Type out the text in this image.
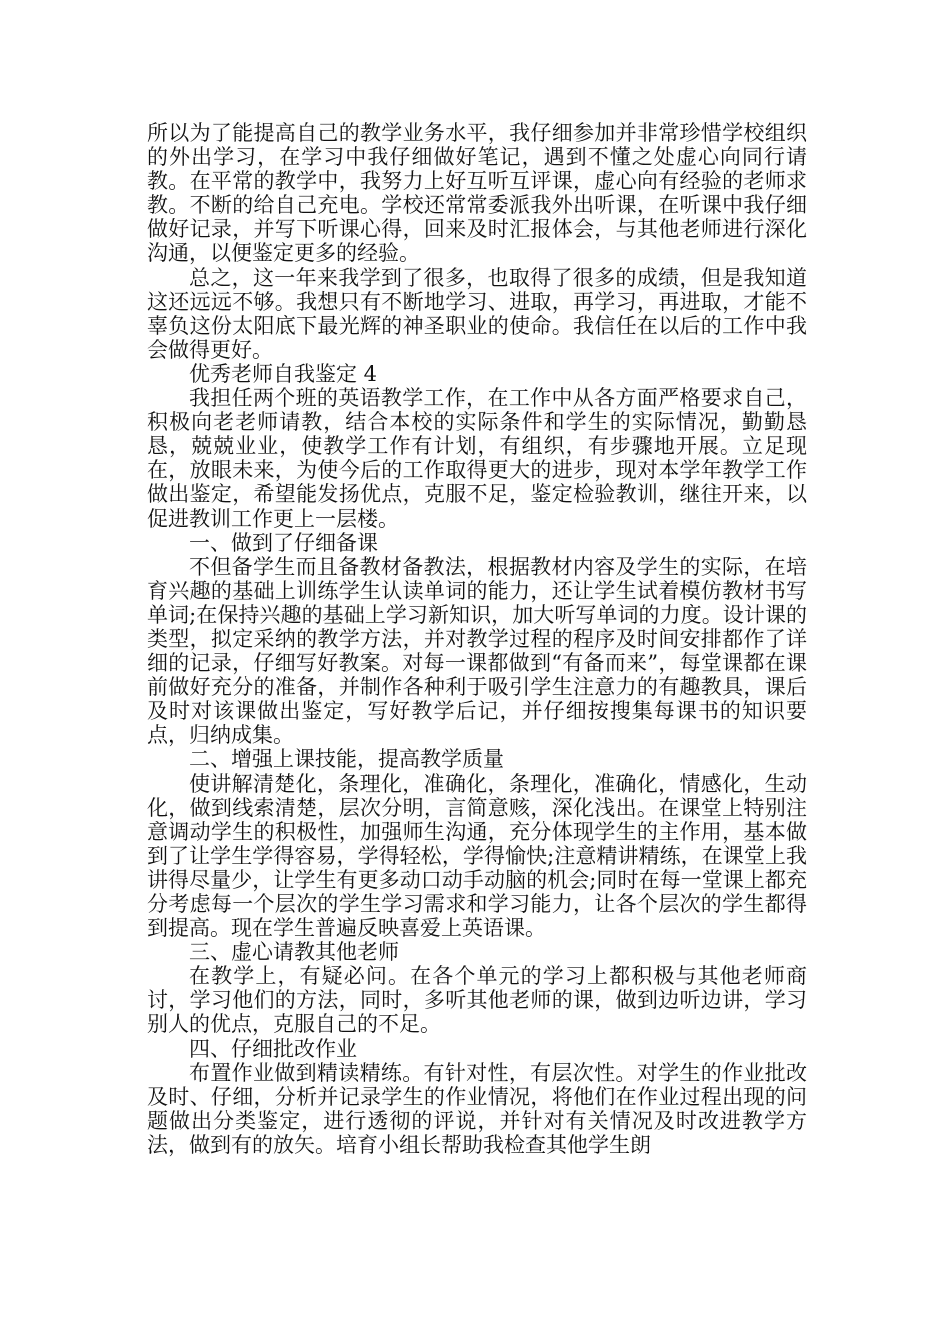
所以为了能提高自己的教学业务水平，我仔细参加并非常珍惜学校组织的外出学习，在学习中我仔细做好笔记，遇到不懂之处虚心向同行请教。在平常的教学中，我努力上好互听互评课，虚心向有经验的老师求教。不断的给自己充电。学校还常常委派我外出听课，在听课中我仔细做好记录，并写下听课心得，回来及时汇报体会，与其他老师进行深化沟通，以便鉴定更多的经验。

总之，这一年来我学到了很多，也取得了很多的成绩，但是我知道这还远远不够。我想只有不断地学习、进取，再学习，再进取，才能不辜负这份太阳底下最光辉的神圣职业的使命。我信任在以后的工作中我会做得更好。

优秀老师自我鉴定 4

我担任两个班的英语教学工作，在工作中从各方面严格要求自己，积极向老老师请教，结合本校的实际条件和学生的实际情况，勤勤恳恳，兢兢业业，使教学工作有计划，有组织，有步骤地开展。立足现在，放眼未来，为使今后的工作取得更大的进步，现对本学年教学工作做出鉴定，希望能发扬优点，克服不足，鉴定检验教训，继往开来，以促进教训工作更上一层楼。

一、做到了仔细备课

不但备学生而且备教材备教法，根据教材内容及学生的实际，在培育兴趣的基础上训练学生认读单词的能力，还让学生试着模仿教材书写单词;在保持兴趣的基础上学习新知识，加大听写单词的力度。设计课的类型，拟定采纳的教学方法，并对教学过程的程序及时间安排都作了详细的记录，仔细写好教案。对每一课都做到“有备而来”，每堂课都在课前做好充分的准备，并制作各种利于吸引学生注意力的有趣教具，课后及时对该课做出鉴定，写好教学后记，并仔细按搜集每课书的知识要点，归纳成集。

二、增强上课技能，提高教学质量

使讲解清楚化，条理化，准确化，条理化，准确化，情感化，生动化，做到线索清楚，层次分明，言简意赅，深化浅出。在课堂上特别注意调动学生的积极性，加强师生沟通，充分体现学生的主作用，基本做到了让学生学得容易，学得轻松，学得愉快;注意精讲精练，在课堂上我讲得尽量少，让学生有更多动口动手动脑的机会;同时在每一堂课上都充分考虑每一个层次的学生学习需求和学习能力，让各个层次的学生都得到提高。现在学生普遍反映喜爱上英语课。

三、虚心请教其他老师

在教学上，有疑必问。在各个单元的学习上都积极与其他老师商讨，学习他们的方法，同时，多听其他老师的课，做到边听边讲，学习别人的优点，克服自己的不足。

四、仔细批改作业

布置作业做到精读精练。有针对性，有层次性。对学生的作业批改及时、仔细，分析并记录学生的作业情况，将他们在作业过程出现的问题做出分类鉴定，进行透彻的评说，并针对有关情况及时改进教学方法，做到有的放矢。培育小组长帮助我检查其他学生朗
